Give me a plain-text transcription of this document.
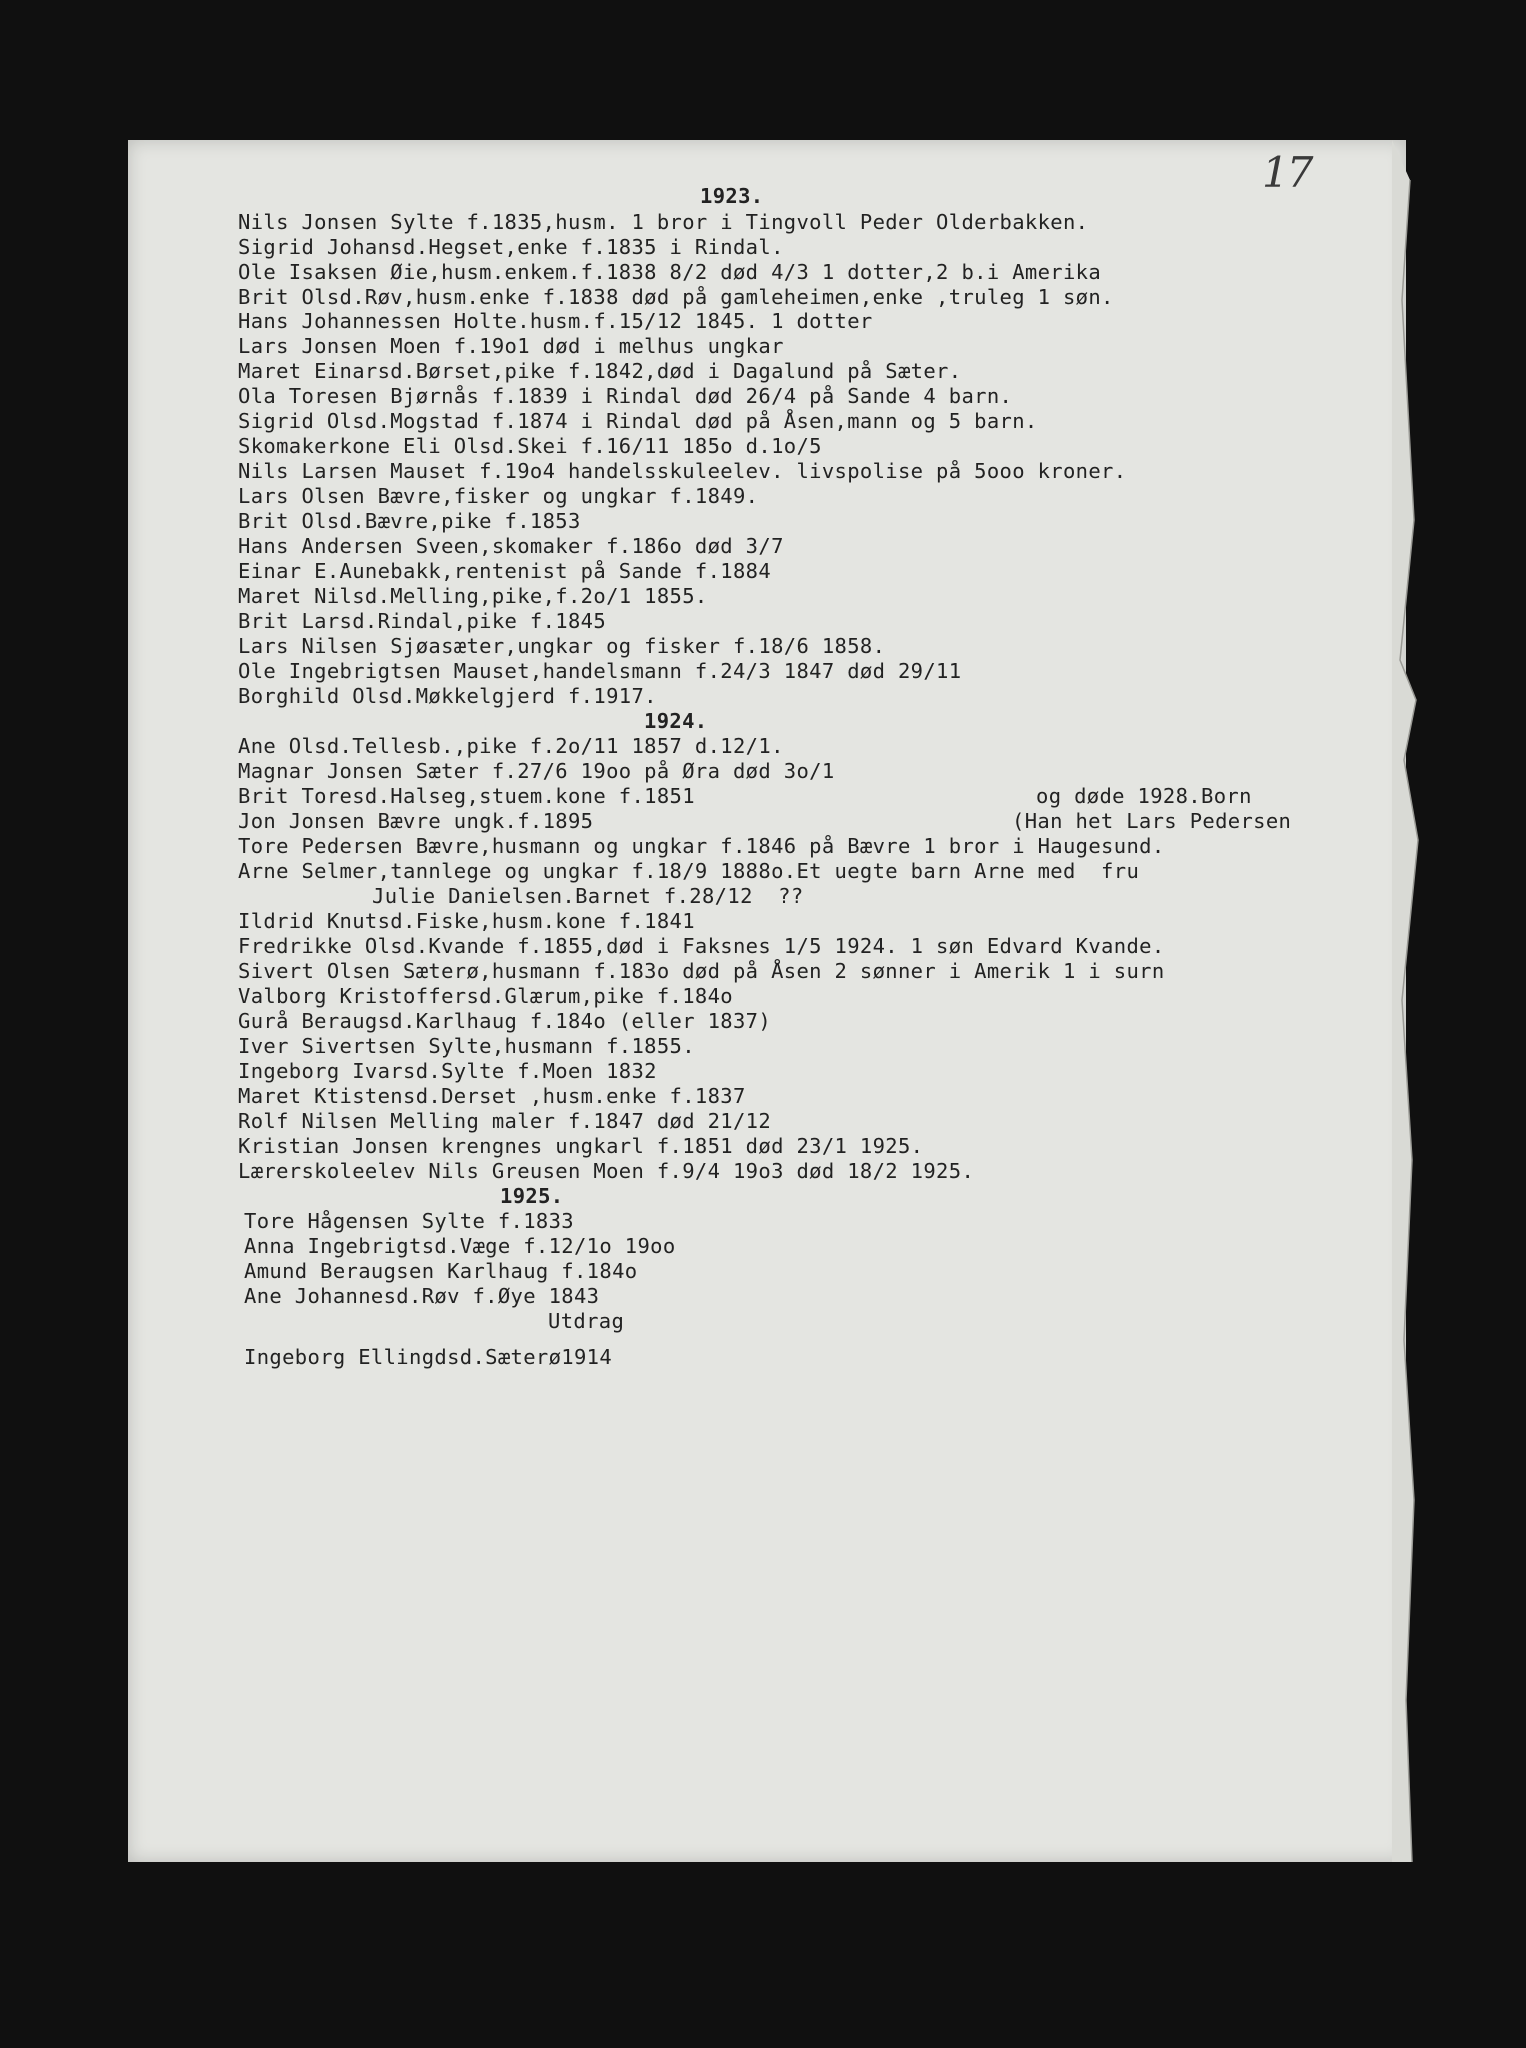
17
1923.
Nils Jonsen Sylte f.1835,husm. 1 bror i Tingvoll Peder Olderbakken.
Sigrid Johansd.Hegset,enke f.1835 i Rindal.
Ole Isaksen Øie,husm.enkem.f.1838 8/2 død 4/3 1 dotter,2 b.i Amerika
Brit Olsd.Røv,husm.enke f.1838 død på gamleheimen,enke ,truleg 1 søn.
Hans Johannessen Holte.husm.f.15/12 1845. 1 dotter
Lars Jonsen Moen f.19o1 død i melhus ungkar
Maret Einarsd.Børset,pike f.1842,død i Dagalund på Sæter.
Ola Toresen Bjørnås f.1839 i Rindal død 26/4 på Sande 4 barn.
Sigrid Olsd.Mogstad f.1874 i Rindal død på Åsen,mann og 5 barn.
Skomakerkone Eli Olsd.Skei f.16/11 185o d.1o/5
Nils Larsen Mauset f.19o4 handelsskuleelev. livspolise på 5ooo kroner.
Lars Olsen Bævre,fisker og ungkar f.1849.
Brit Olsd.Bævre,pike f.1853
Hans Andersen Sveen,skomaker f.186o død 3/7
Einar E.Aunebakk,rentenist på Sande f.1884
Maret Nilsd.Melling,pike,f.2o/1 1855.
Brit Larsd.Rindal,pike f.1845
Lars Nilsen Sjøasæter,ungkar og fisker f.18/6 1858.
Ole Ingebrigtsen Mauset,handelsmann f.24/3 1847 død 29/11
Borghild Olsd.Møkkelgjerd f.1917.
1924.
Ane Olsd.Tellesb.,pike f.2o/11 1857 d.12/1.
Magnar Jonsen Sæter f.27/6 19oo på Øra død 3o/1
Brit Toresd.Halseg,stuem.kone f.1851	og døde 1928.Born
Jon Jonsen Bævre ungk.f.1895	(Han het Lars Pedersen
Tore Pedersen Bævre,husmann og ungkar f.1846 på Bævre 1 bror i Haugesund.
Arne Selmer,tannlege og ungkar f.18/9 1888o.Et uegte barn Arne med  fru
Julie Danielsen.Barnet f.28/12  ??
Ildrid Knutsd.Fiske,husm.kone f.1841
Fredrikke Olsd.Kvande f.1855,død i Faksnes 1/5 1924. 1 søn Edvard Kvande.
Sivert Olsen Sæterø,husmann f.183o død på Åsen 2 sønner i Amerik 1 i surn
Valborg Kristoffersd.Glærum,pike f.184o
Gurå Beraugsd.Karlhaug f.184o (eller 1837)
Iver Sivertsen Sylte,husmann f.1855.
Ingeborg Ivarsd.Sylte f.Moen 1832
Maret Ktistensd.Derset ,husm.enke f.1837
Rolf Nilsen Melling maler f.1847 død 21/12
Kristian Jonsen krengnes ungkarl f.1851 død 23/1 1925.
Lærerskoleelev Nils Greusen Moen f.9/4 19o3 død 18/2 1925.
1925.
Tore Hågensen Sylte f.1833
Anna Ingebrigtsd.Væge f.12/1o 19oo
Amund Beraugsen Karlhaug f.184o
Ane Johannesd.Røv f.Øye 1843
Utdrag
Ingeborg Ellingdsd.Sæterø1914
